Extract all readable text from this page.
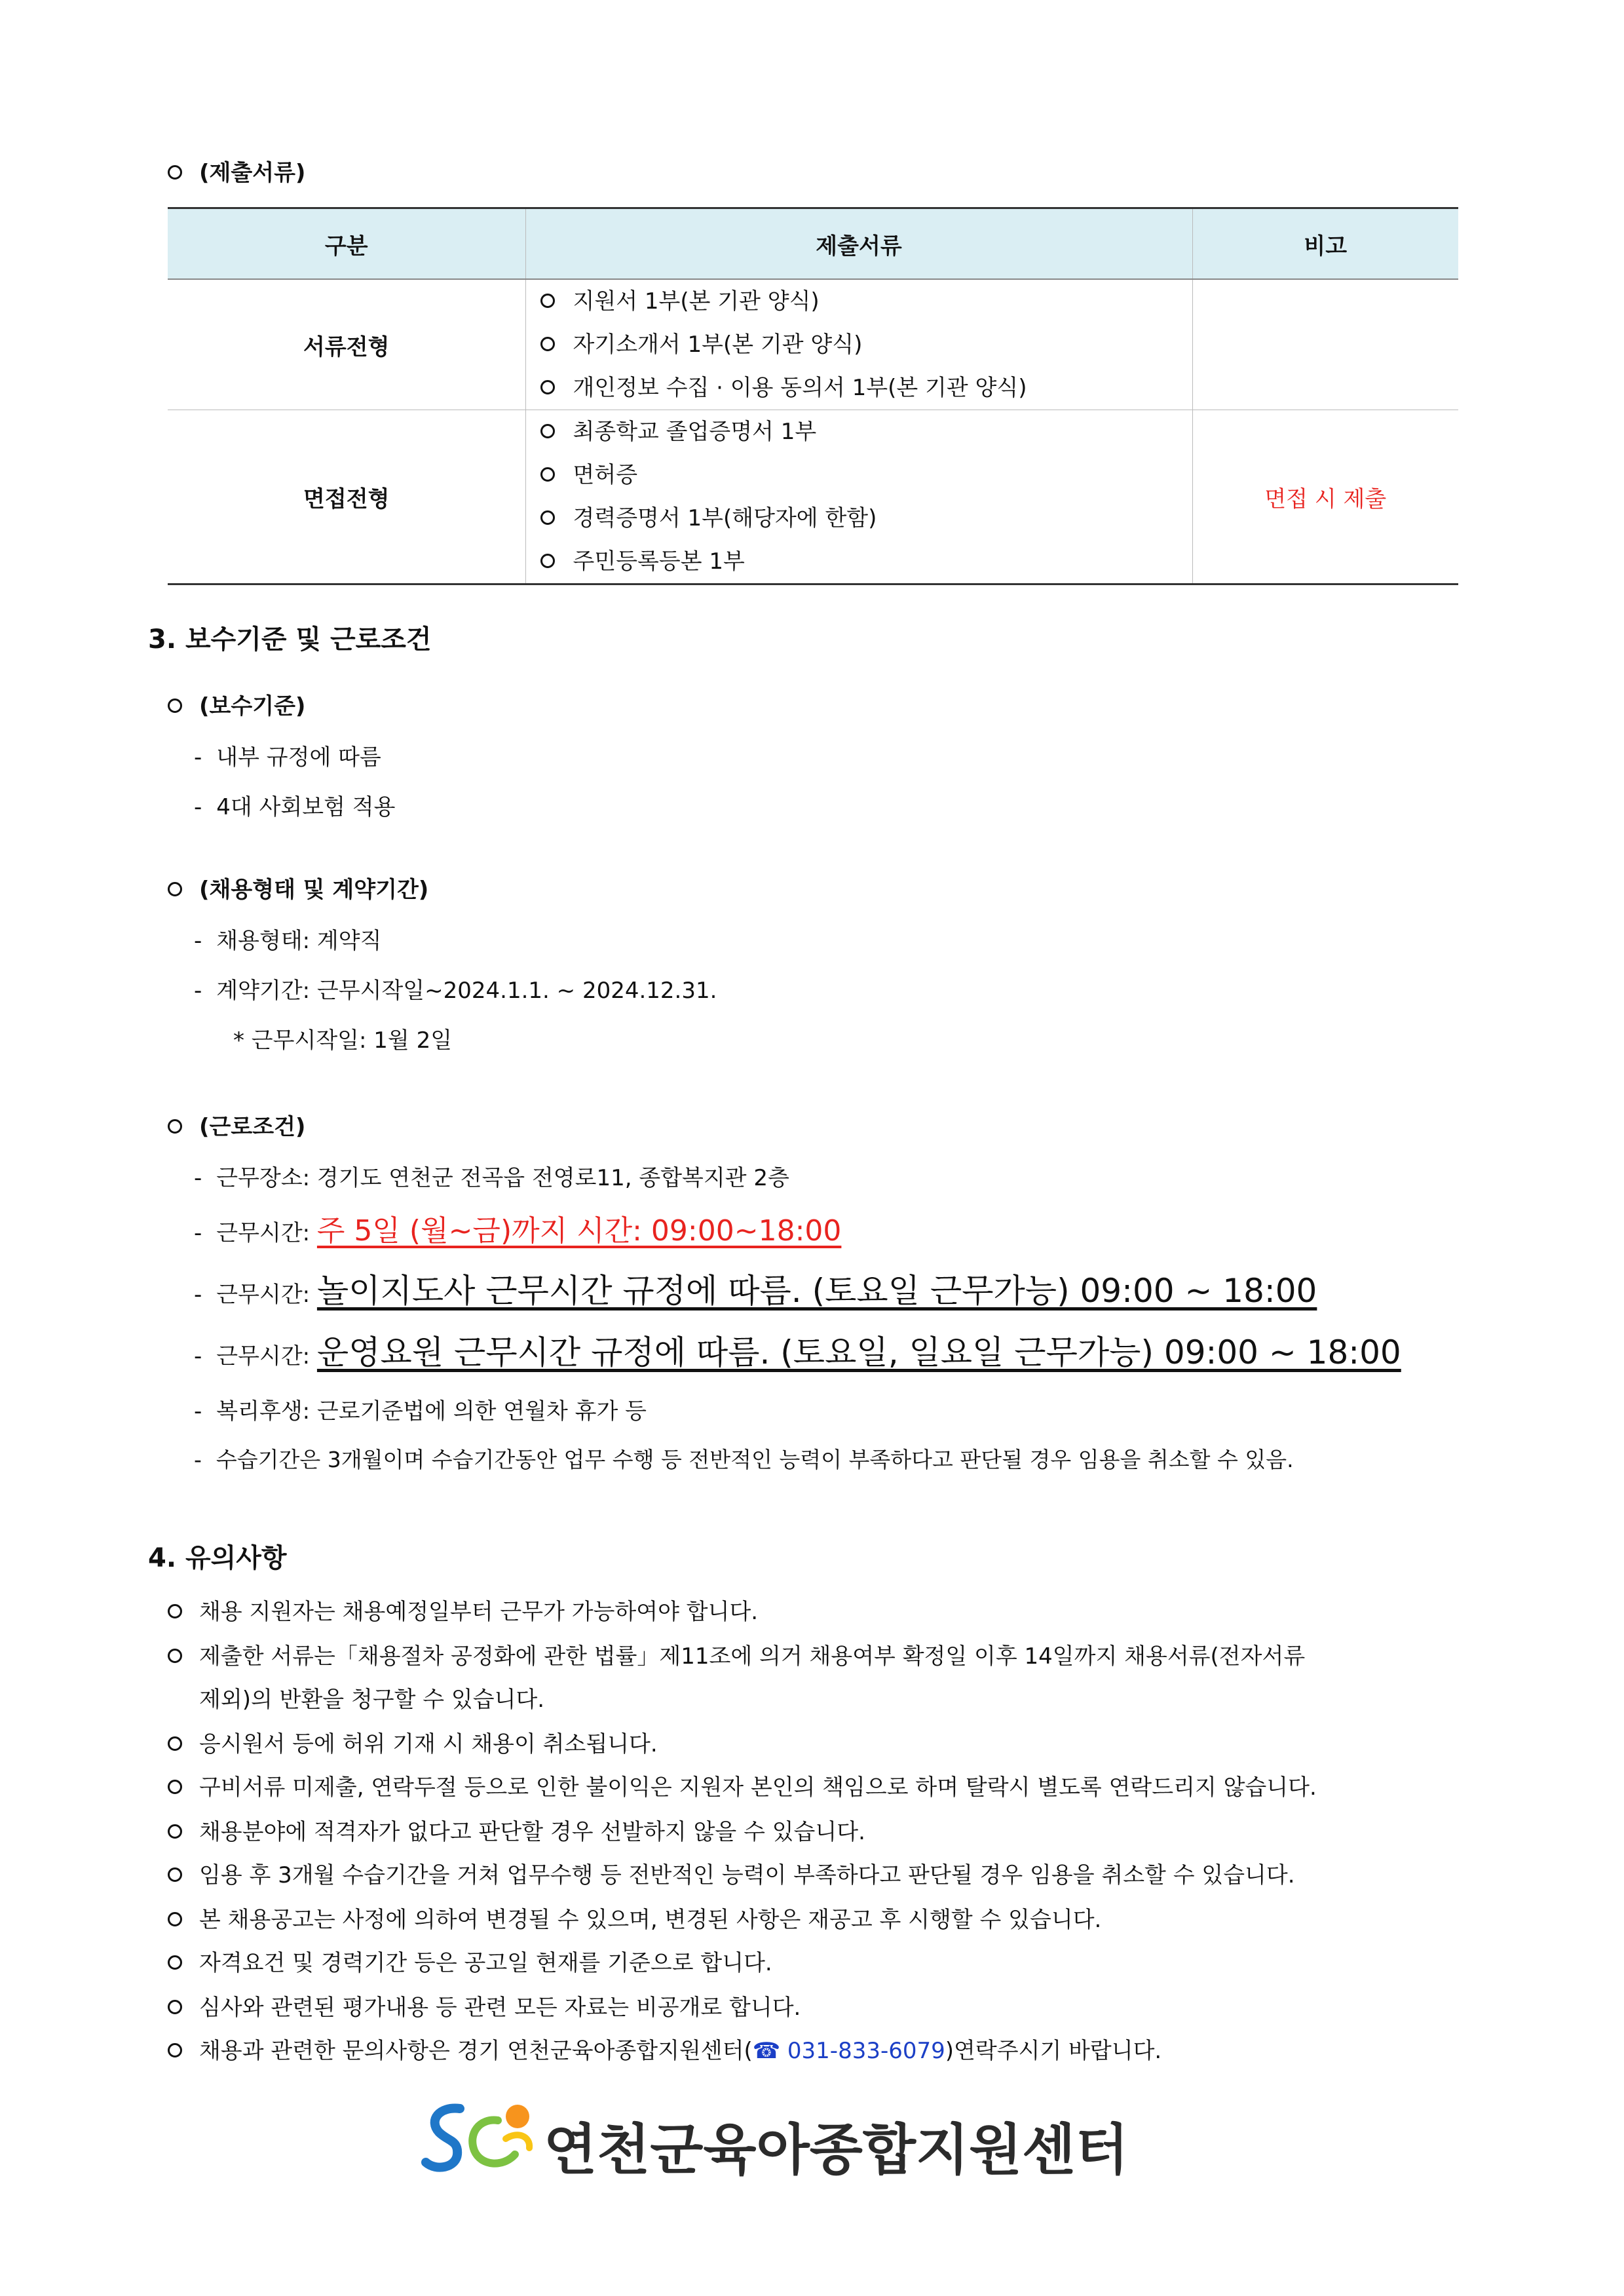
(제출서류)
구분	제출서류	비고
서류전형	지원서 1부(본 기관 양식)
자기소개서 1부(본 기관 양식)
개인정보 수집 · 이용 동의서 1부(본 기관 양식)	

면접전형	최종학교 졸업증명서 1부
면허증
경력증명서 1부(해당자에 한함)
주민등록등본 1부	면접 시 제출
3. 보수기준 및 근로조건
(보수기준)
- 내부 규정에 따름
- 4대 사회보험 적용
(채용형태 및 계약기간)
- 채용형태: 계약직
- 계약기간: 근무시작일~2024.1.1. ~ 2024.12.31.
* 근무시작일: 1월 2일
(근로조건)
- 근무장소: 경기도 연천군 전곡읍 전영로11, 종합복지관 2층
- 근무시간: 주 5일 (월~금)까지 시간: 09:00~18:00
- 근무시간: 놀이지도사 근무시간 규정에 따름. (토요일 근무가능) 09:00 ~ 18:00
- 근무시간: 운영요원 근무시간 규정에 따름. (토요일, 일요일 근무가능) 09:00 ~ 18:00
- 복리후생: 근로기준법에 의한 연월차 휴가 등
- 수습기간은 3개월이며 수습기간동안 업무 수행 등 전반적인 능력이 부족하다고 판단될 경우 임용을 취소할 수 있음.
4. 유의사항
채용 지원자는 채용예정일부터 근무가 가능하여야 합니다.
제출한 서류는「채용절차 공정화에 관한 법률」제11조에 의거 채용여부 확정일 이후 14일까지 채용서류(전자서류
제외)의 반환을 청구할 수 있습니다.
응시원서 등에 허위 기재 시 채용이 취소됩니다.
구비서류 미제출, 연락두절 등으로 인한 불이익은 지원자 본인의 책임으로 하며 탈락시 별도록 연락드리지 않습니다.
채용분야에 적격자가 없다고 판단할 경우 선발하지 않을 수 있습니다.
임용 후 3개월 수습기간을 거쳐 업무수행 등 전반적인 능력이 부족하다고 판단될 경우 임용을 취소할 수 있습니다.
본 채용공고는 사정에 의하여 변경될 수 있으며, 변경된 사항은 재공고 후 시행할 수 있습니다.
자격요건 및 경력기간 등은 공고일 현재를 기준으로 합니다.
심사와 관련된 평가내용 등 관련 모든 자료는 비공개로 합니다.
채용과 관련한 문의사항은 경기 연천군육아종합지원센터(☎ 031-833-6079)연락주시기 바랍니다.
연천군육아종합지원센터
